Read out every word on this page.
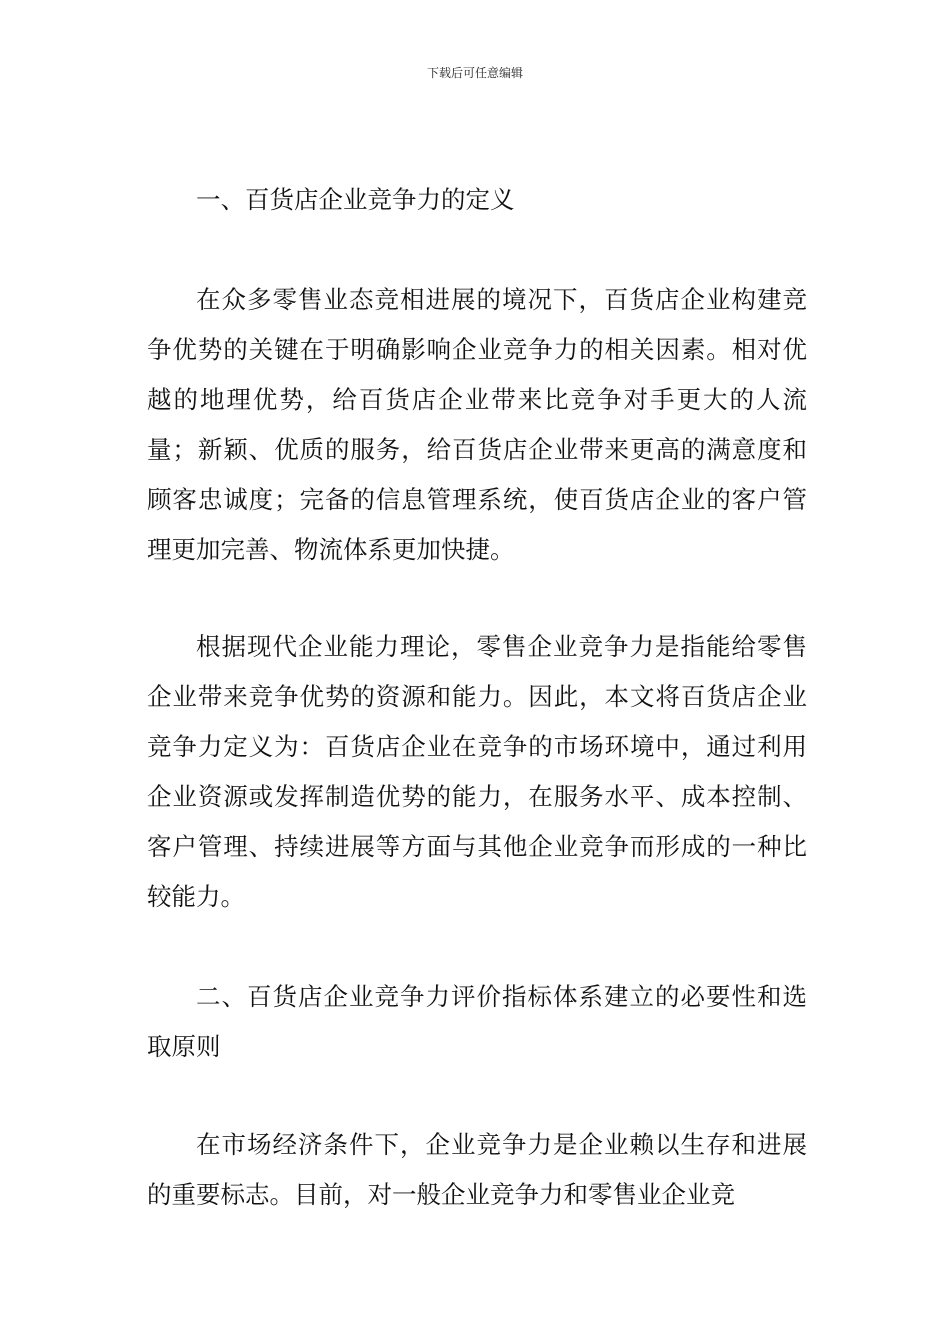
下载后可任意编辑

一、百货店企业竞争力的定义

在众多零售业态竞相进展的境况下，百货店企业构建竞争优势的关键在于明确影响企业竞争力的相关因素。相对优越的地理优势，给百货店企业带来比竞争对手更大的人流量；新颖、优质的服务，给百货店企业带来更高的满意度和顾客忠诚度；完备的信息管理系统，使百货店企业的客户管理更加完善、物流体系更加快捷。

根据现代企业能力理论，零售企业竞争力是指能给零售企业带来竞争优势的资源和能力。因此，本文将百货店企业竞争力定义为：百货店企业在竞争的市场环境中，通过利用企业资源或发挥制造优势的能力，在服务水平、成本控制、客户管理、持续进展等方面与其他企业竞争而形成的一种比较能力。

二、百货店企业竞争力评价指标体系建立的必要性和选取原则

在市场经济条件下，企业竞争力是企业赖以生存和进展的重要标志。目前，对一般企业竞争力和零售业企业竞
